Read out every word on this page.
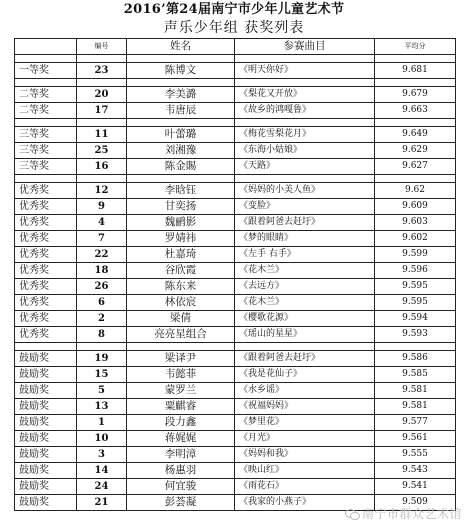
2016’第24届南宁市少年儿童艺术节
声乐少年组 获奖列表
	编号	姓名	参赛曲目	平均分

一等奖	23	陈博文	《明天你好》	9.681

二等奖	20	李美潞	《梨花又开放》	9.679
二等奖	17	韦唐辰	《故乡的鸿嘎鲁》	9.663

三等奖	11	叶蕾璐	《梅花雪梨花月》	9.649
三等奖	25	刘湘豫	《东海小姑娘》	9.629
三等奖	16	陈金賜	《天路》	9.627

优秀奖	12	李晗钰	《妈妈的小美人鱼》	9.62
优秀奖	9	甘奕扬	《变脸》	9.609
优秀奖	4	魏鹂影	《跟着阿爸去赶圩》	9.603
优秀奖	7	罗婧祎	《梦的眼睛》	9.602
优秀奖	22	杜嘉琦	《左手 右手》	9.599
优秀奖	18	谷欣霞	《花木兰》	9.596
优秀奖	26	陈东来	《去远方》	9.595
优秀奖	6	林依宸	《花木兰》	9.595
优秀奖	2	梁倩	《樱歌花源》	9.594
优秀奖	8	亮亮星组合	《瑶山的星星》	9.593

鼓励奖	19	梁译尹	《跟着阿爸去赶圩》	9.586
鼓励奖	15	韦懿菲	《我是花仙子》	9.585
鼓励奖	5	蒙罗兰	《水乡谣》	9.581
鼓励奖	13	粟麒睿	《祝福妈妈》	9.581
鼓励奖	1	段力鑫	《梦里花》	9.577
鼓励奖	10	蒋娓娓	《月光》	9.561
鼓励奖	3	李明漳	《妈妈和我》	9.555
鼓励奖	14	杨惠羽	《映山红》	9.543
鼓励奖	24	何宜骏	《雨花石》	9.541
鼓励奖	21	彭荟凝	《我家的小燕子》	9.509
南宁市群众艺术馆
